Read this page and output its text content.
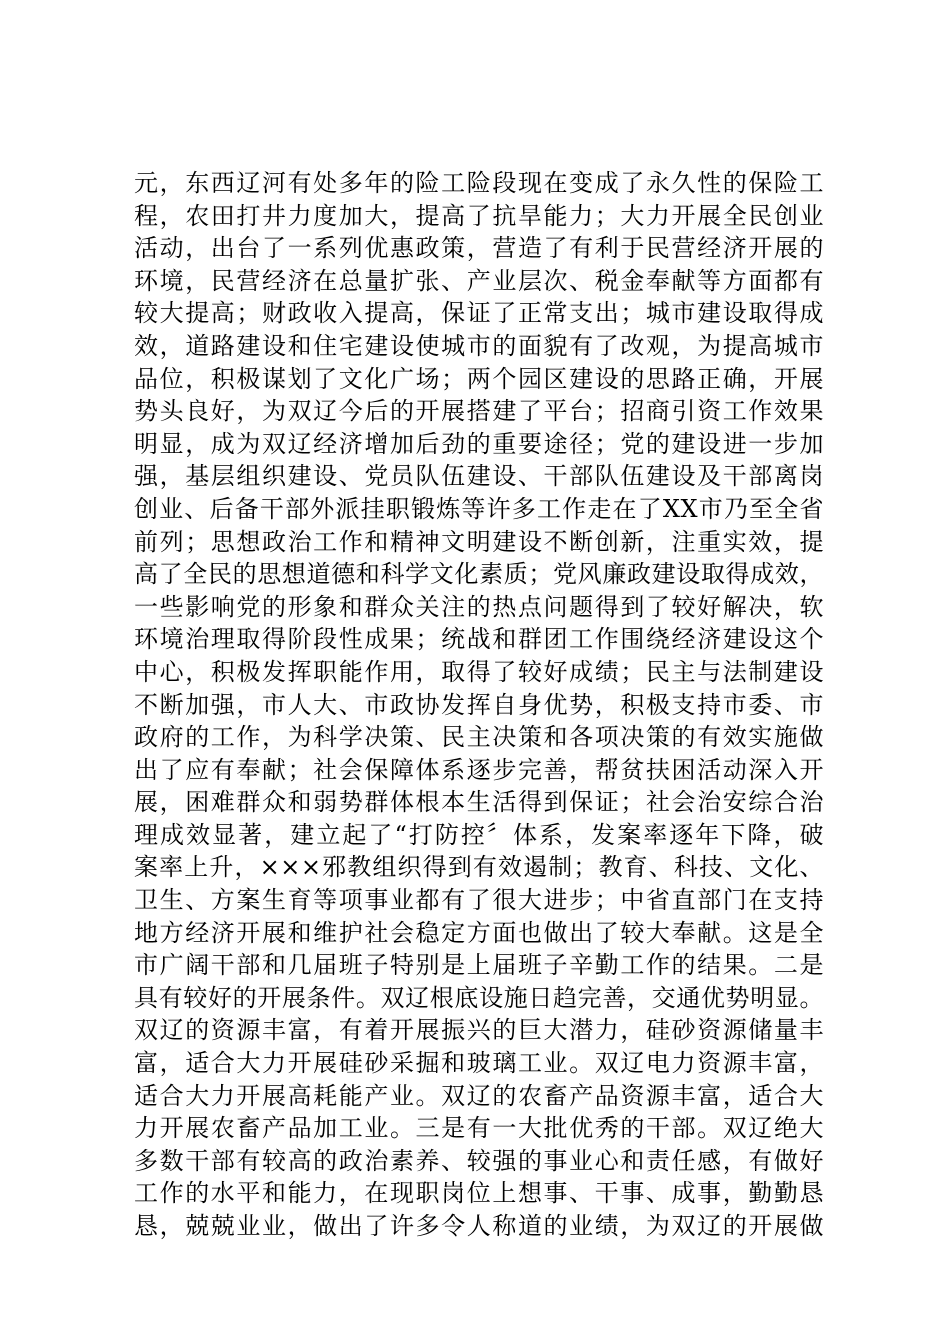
元，东西辽河有处多年的险工险段现在变成了永久性的保险工
程，农田打井力度加大，提高了抗旱能力；大力开展全民创业
活动，出台了一系列优惠政策，营造了有利于民营经济开展的
环境，民营经济在总量扩张、产业层次、税金奉献等方面都有
较大提高；财政收入提高，保证了正常支出；城市建设取得成
效，道路建设和住宅建设使城市的面貌有了改观，为提高城市
品位，积极谋划了文化广场；两个园区建设的思路正确，开展
势头良好，为双辽今后的开展搭建了平台；招商引资工作效果
明显，成为双辽经济增加后劲的重要途径；党的建设进一步加
强，基层组织建设、党员队伍建设、干部队伍建设及干部离岗
创业、后备干部外派挂职锻炼等许多工作走在了XX市乃至全省
前列；思想政治工作和精神文明建设不断创新，注重实效，提
高了全民的思想道德和科学文化素质；党风廉政建设取得成效，
一些影响党的形象和群众关注的热点问题得到了较好解决，软
环境治理取得阶段性成果；统战和群团工作围绕经济建设这个
中心，积极发挥职能作用，取得了较好成绩；民主与法制建设
不断加强，市人大、市政协发挥自身优势，积极支持市委、市
政府的工作，为科学决策、民主决策和各项决策的有效实施做
出了应有奉献；社会保障体系逐步完善，帮贫扶困活动深入开
展，困难群众和弱势群体根本生活得到保证；社会治安综合治
理成效显著，建立起了“打防控〞体系，发案率逐年下降，破
案率上升，×××邪教组织得到有效遏制；教育、科技、文化、
卫生、方案生育等项事业都有了很大进步；中省直部门在支持
地方经济开展和维护社会稳定方面也做出了较大奉献。这是全
市广阔干部和几届班子特别是上届班子辛勤工作的结果。二是
具有较好的开展条件。双辽根底设施日趋完善，交通优势明显。
双辽的资源丰富，有着开展振兴的巨大潜力，硅砂资源储量丰
富，适合大力开展硅砂采掘和玻璃工业。双辽电力资源丰富，
适合大力开展高耗能产业。双辽的农畜产品资源丰富，适合大
力开展农畜产品加工业。三是有一大批优秀的干部。双辽绝大
多数干部有较高的政治素养、较强的事业心和责任感，有做好
工作的水平和能力，在现职岗位上想事、干事、成事，勤勤恳
恳，兢兢业业，做出了许多令人称道的业绩，为双辽的开展做
